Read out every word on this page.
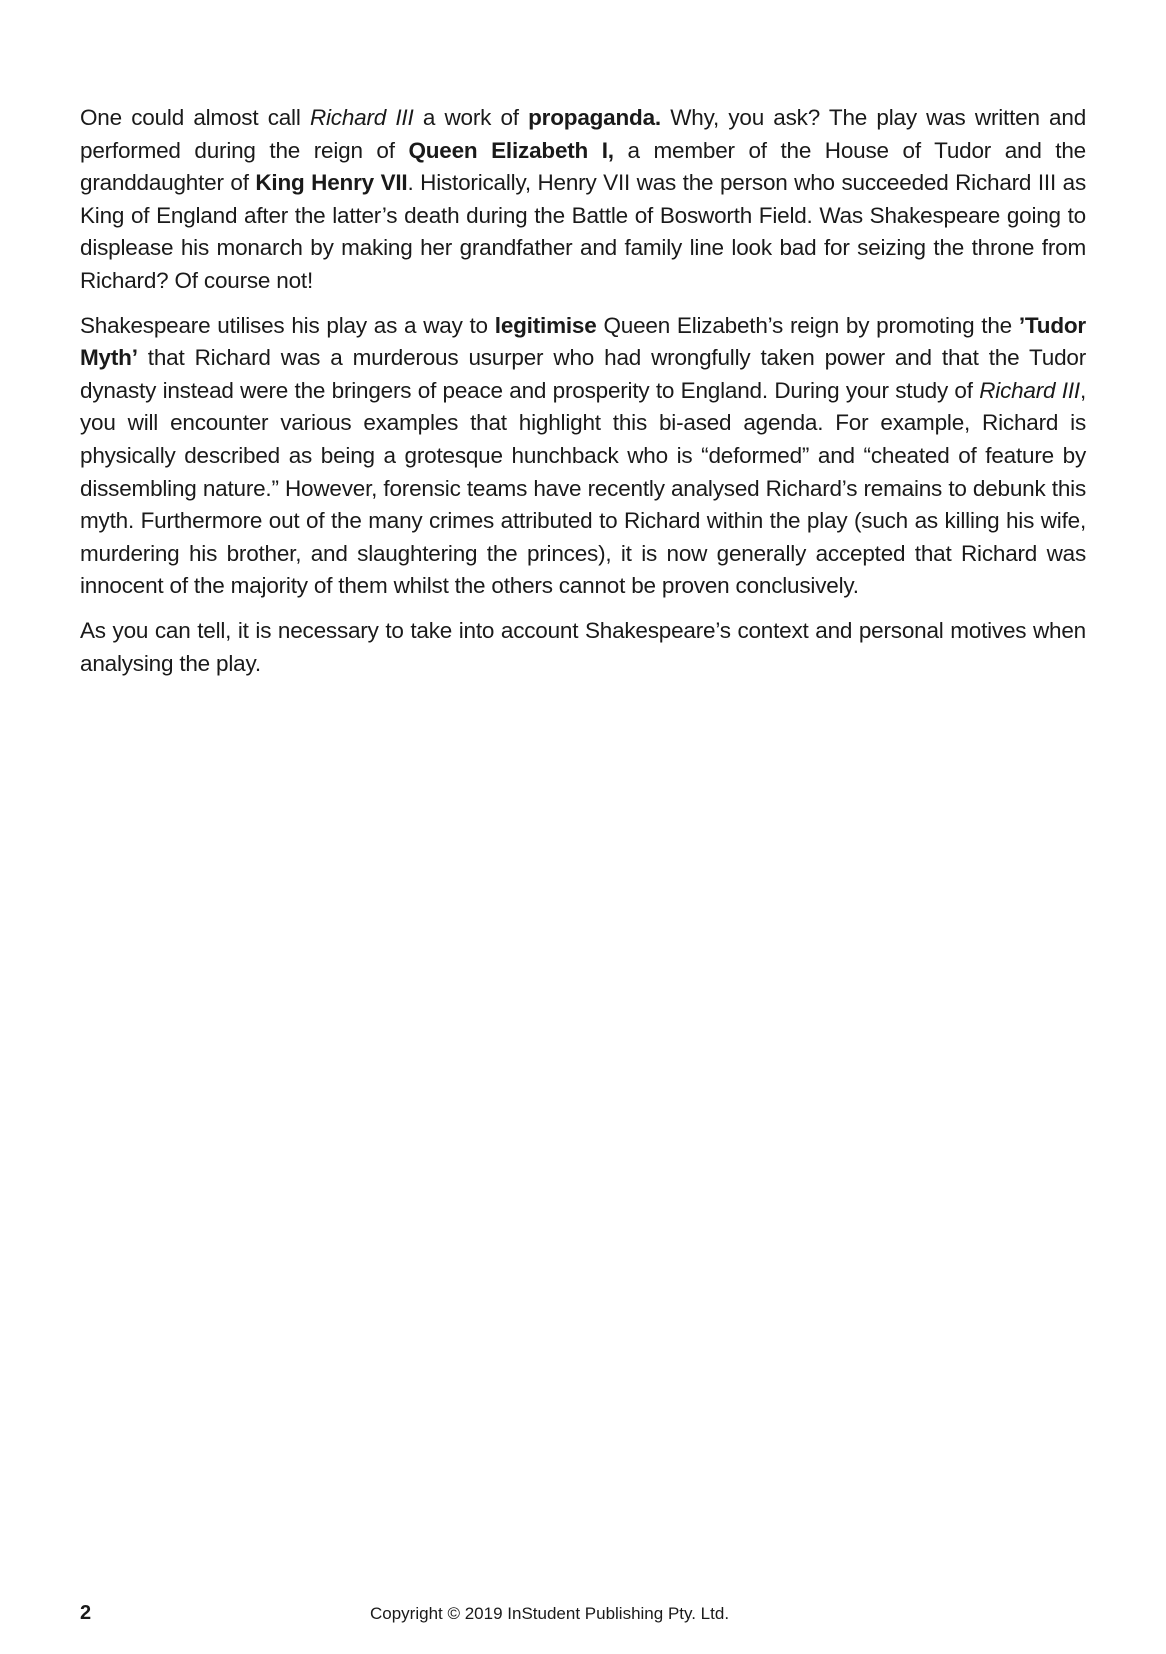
One could almost call Richard III a work of propaganda. Why, you ask? The play was written and performed during the reign of Queen Elizabeth I, a member of the House of Tudor and the granddaughter of King Henry VII. Historically, Henry VII was the person who succeeded Richard III as King of England after the latter’s death during the Battle of Bosworth Field. Was Shakespeare going to displease his monarch by making her grandfather and family line look bad for seizing the throne from Richard? Of course not!

Shakespeare utilises his play as a way to legitimise Queen Elizabeth’s reign by promoting the ’Tudor Myth’ that Richard was a murderous usurper who had wrongfully taken power and that the Tudor dynasty instead were the bringers of peace and prosperity to England. During your study of Richard III, you will encounter various examples that highlight this bi-ased agenda. For example, Richard is physically described as being a grotesque hunchback who is “deformed” and “cheated of feature by dissembling nature.” However, forensic teams have recently analysed Richard’s remains to debunk this myth. Furthermore out of the many crimes attributed to Richard within the play (such as killing his wife, murdering his brother, and slaughtering the princes), it is now generally accepted that Richard was innocent of the majority of them whilst the others cannot be proven conclusively.

As you can tell, it is necessary to take into account Shakespeare’s context and personal motives when analysing the play.

2	Copyright © 2019 InStudent Publishing Pty. Ltd.
